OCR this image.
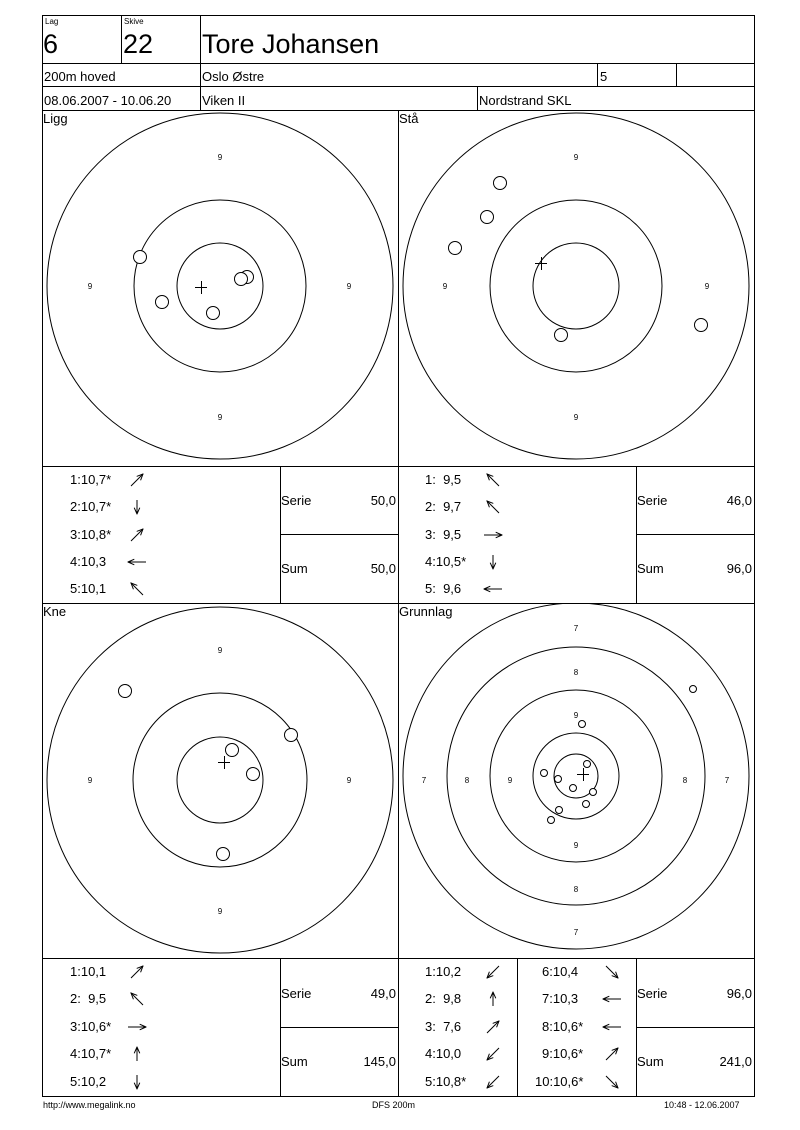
Lag
6
Skive
22 Tore Johansen
200m hoved	Oslo Østre	5
08.06.2007 - 10.06.20 Viken II	Nordstrand SKL
Ligg	Stå
Kne	Grunnlag
9
9
9	9
9
9
9	9
9
9
9	9
7
8
9
9
8
7
7	8	9	8	7
1:10,7*
2:10,7*
3:10,8*
4:10,3
5:10,1
Serie	50,0
Sum	50,0
1:  9,5
2:  9,7
3:  9,5
4:10,5*
5:  9,6
Serie	46,0
Sum	96,0
1:10,1
2:  9,5
3:10,6*
4:10,7*
5:10,2
Serie	49,0
Sum	145,0
1:10,2
2:  9,8
3:  7,6
4:10,0
5:10,8*
6:10,4
7:10,3
8:10,6*
9:10,6*
10:10,6*
Serie	96,0
Sum	241,0
http://www.megalink.no	DFS 200m	10:48 - 12.06.2007
